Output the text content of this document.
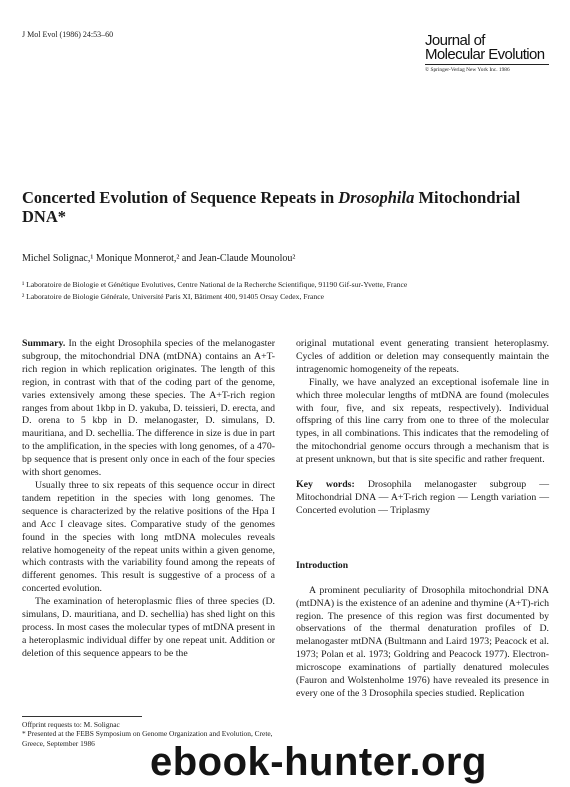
J Mol Evol (1986) 24:53–60	Journal of
Molecular Evolution
© Springer-Verlag New York Inc. 1986
Concerted Evolution of Sequence Repeats in Drosophila Mitochondrial DNA*
Michel Solignac,¹ Monique Monnerot,² and Jean-Claude Mounolou²
¹ Laboratoire de Biologie et Génétique Evolutives, Centre National de la Recherche Scientifique, 91190 Gif-sur-Yvette, France
² Laboratoire de Biologie Générale, Université Paris XI, Bâtiment 400, 91405 Orsay Cedex, France

Summary. In the eight Drosophila species of the melanogaster subgroup, the mitochondrial DNA (mtDNA) contains an A+T-rich region in which replication originates. The length of this region, in contrast with that of the coding part of the genome, varies extensively among these species. The A+T-rich region ranges from about 1kbp in D. yakuba, D. teissieri, D. erecta, and D. orena to 5 kbp in D. melanogaster, D. simulans, D. mauritiana, and D. sechellia. The difference in size is due in part to the amplification, in the species with long genomes, of a 470-bp sequence that is present only once in each of the four species with short genomes.

Usually three to six repeats of this sequence occur in direct tandem repetition in the species with long genomes. The sequence is characterized by the relative positions of the Hpa I and Acc I cleavage sites. Comparative study of the genomes found in the species with long mtDNA molecules reveals relative homogeneity of the repeat units within a given genome, which contrasts with the variability found among the repeats of different genomes. This result is suggestive of a process of a concerted evolution.

The examination of heteroplasmic flies of three species (D. simulans, D. mauritiana, and D. sechellia) has shed light on this process. In most cases the molecular types of mtDNA present in a heteroplasmic individual differ by one repeat unit. Addition or deletion of this sequence appears to be the

original mutational event generating transient heteroplasmy. Cycles of addition or deletion may consequently maintain the intragenomic homogeneity of the repeats.

Finally, we have analyzed an exceptional isofemale line in which three molecular lengths of mtDNA are found (molecules with four, five, and six repeats, respectively). Individual offspring of this line carry from one to three of the molecular types, in all combinations. This indicates that the remodeling of the mitochondrial genome occurs through a mechanism that is at present unknown, but that is site specific and rather frequent.

Key words: Drosophila melanogaster subgroup — Mitochondrial DNA — A+T-rich region — Length variation — Concerted evolution — Triplasmy

Introduction

A prominent peculiarity of Drosophila mitochondrial DNA (mtDNA) is the existence of an adenine and thymine (A+T)-rich region. The presence of this region was first documented by observations of the thermal denaturation profiles of D. melanogaster mtDNA (Bultmann and Laird 1973; Peacock et al. 1973; Polan et al. 1973; Goldring and Peacock 1977). Electron-microscope examinations of partially denatured molecules (Fauron and Wolstenholme 1976) have revealed its presence in every one of the 3 Drosophila species studied. Replication

Offprint requests to: M. Solignac
* Presented at the FEBS Symposium on Genome Organization and Evolution, Crete, Greece, September 1986	ebook-hunter.org
